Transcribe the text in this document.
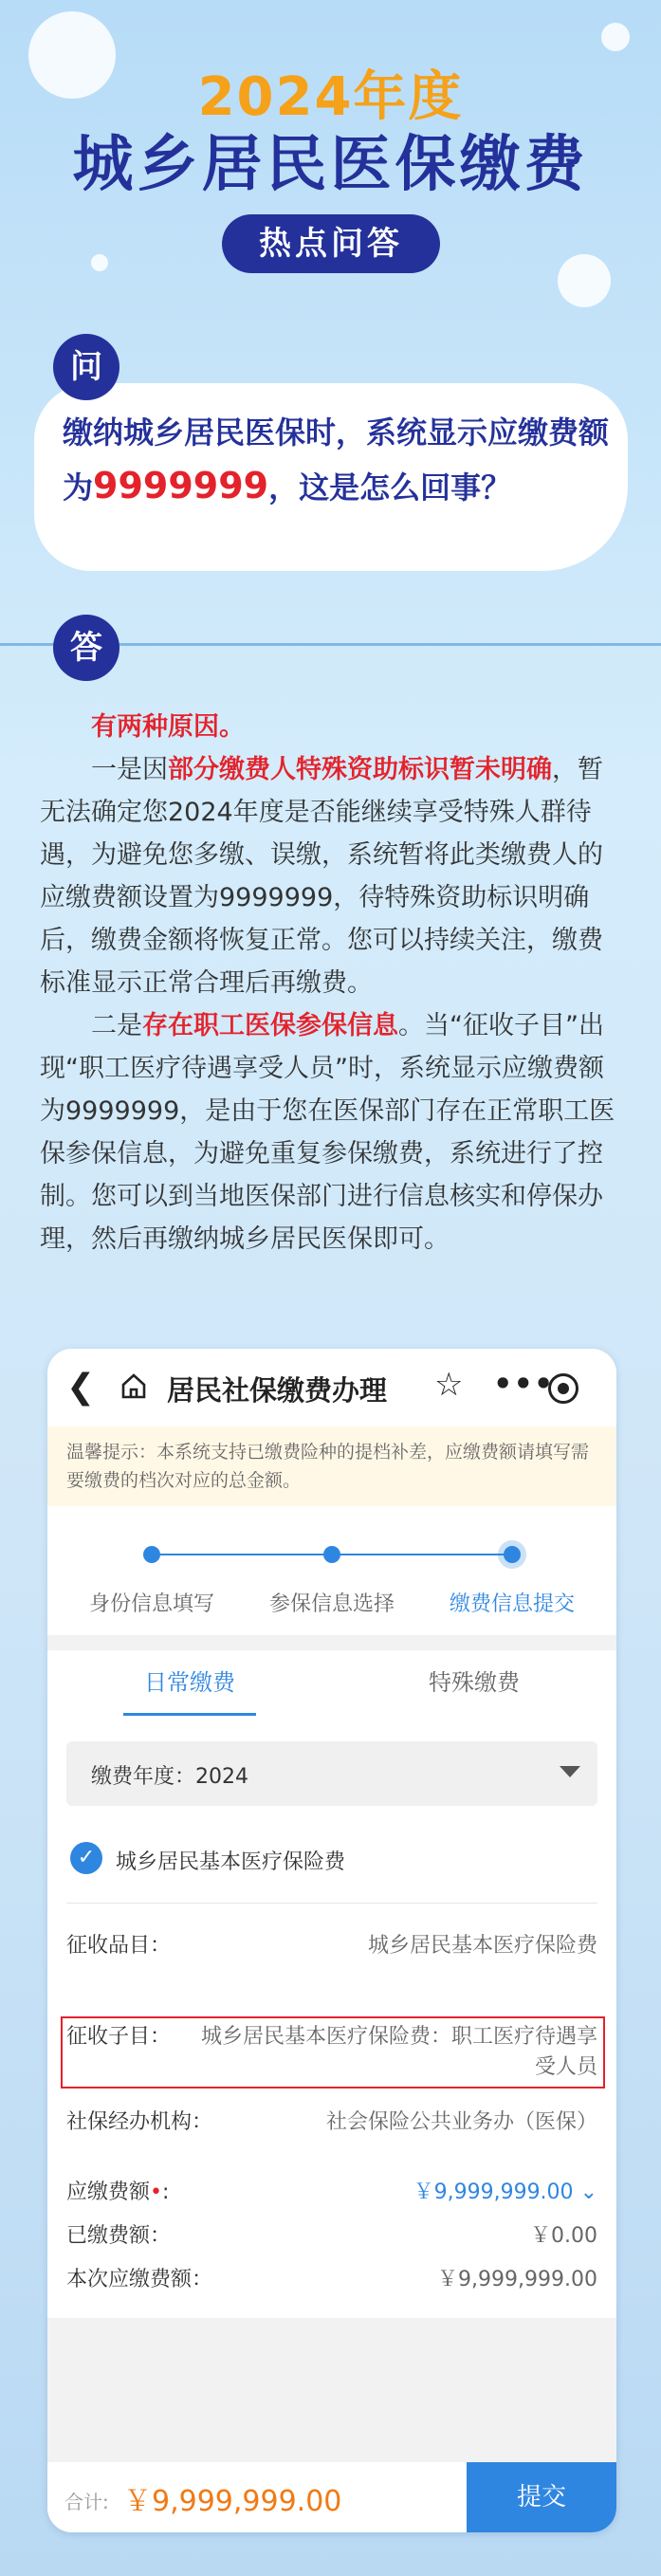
2024年度
城乡居民医保缴费
热点问答
问
缴纳城乡居民医保时，系统显示应缴费额为9999999，这是怎么回事？
答

有两种原因。

一是因部分缴费人特殊资助标识暂未明确，暂无法确定您2024年度是否能继续享受特殊人群待遇，为避免您多缴、误缴，系统暂将此类缴费人的应缴费额设置为9999999，待特殊资助标识明确后，缴费金额将恢复正常。您可以持续关注，缴费标准显示正常合理后再缴费。

二是存在职工医保参保信息。当“征收子目”出现“职工医疗待遇享受人员”时，系统显示应缴费额为9999999，是由于您在医保部门存在正常职工医保参保信息，为避免重复参保缴费，系统进行了控制。您可以到当地医保部门进行信息核实和停保办理，然后再缴纳城乡居民医保即可。

❮	居民社保缴费办理 ☆ •••
温馨提示：本系统支持已缴费险种的提档补差，应缴费额请填写需要缴费的档次对应的总金额。
身份信息填写	参保信息选择	缴费信息提交
日常缴费	特殊缴费
缴费年度：2024
✓ 城乡居民基本医疗保险费
征收品目：	城乡居民基本医疗保险费
征收子目： 城乡居民基本医疗保险费：职工医疗待遇享
受人员
社保经办机构：	社会保险公共业务办（医保）
应缴费额•:	￥9,999,999.00 ⌄
已缴费额：	￥0.00
本次应缴费额：	￥9,999,999.00
合计: ￥9,999,999.00	提交
